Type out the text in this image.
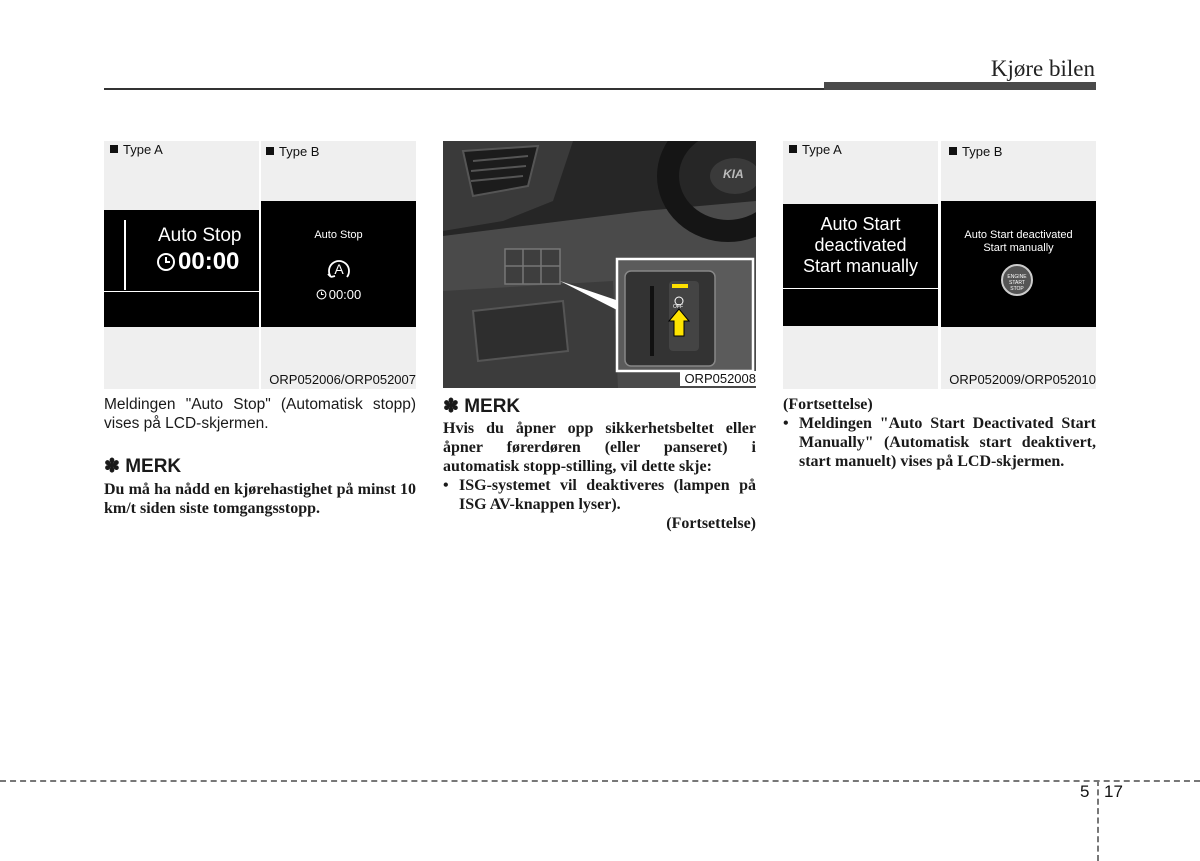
Kjøre bilen
Type A
Auto Stop
00:00
Type B
Auto Stop
A
00:00
ORP052006/ORP052007
Meldingen "Auto Stop" (Automatisk stopp) vises på LCD-skjermen.
✽ MERK
Du må ha nådd en kjørehastighet på minst 10 km/t siden siste tomgangsstopp.
OFF
KIA
ORP052008
✽ MERK
Hvis du åpner opp sikkerhetsbeltet eller åpner førerdøren (eller panseret) i automatisk stopp-stilling, vil dette skje:
• ISG-systemet vil deaktiveres (lampen på ISG AV-knappen lyser).
(Fortsettelse)
Type A
Auto Start
deactivated
Start manually
Type B
Auto Start deactivated
Start manually
ENGINE
START
STOP
ORP052009/ORP052010
(Fortsettelse)
• Meldingen "Auto Start Deactivated Start Manually" (Automatisk start deaktivert, start manuelt) vises på LCD-skjermen.
5 17
